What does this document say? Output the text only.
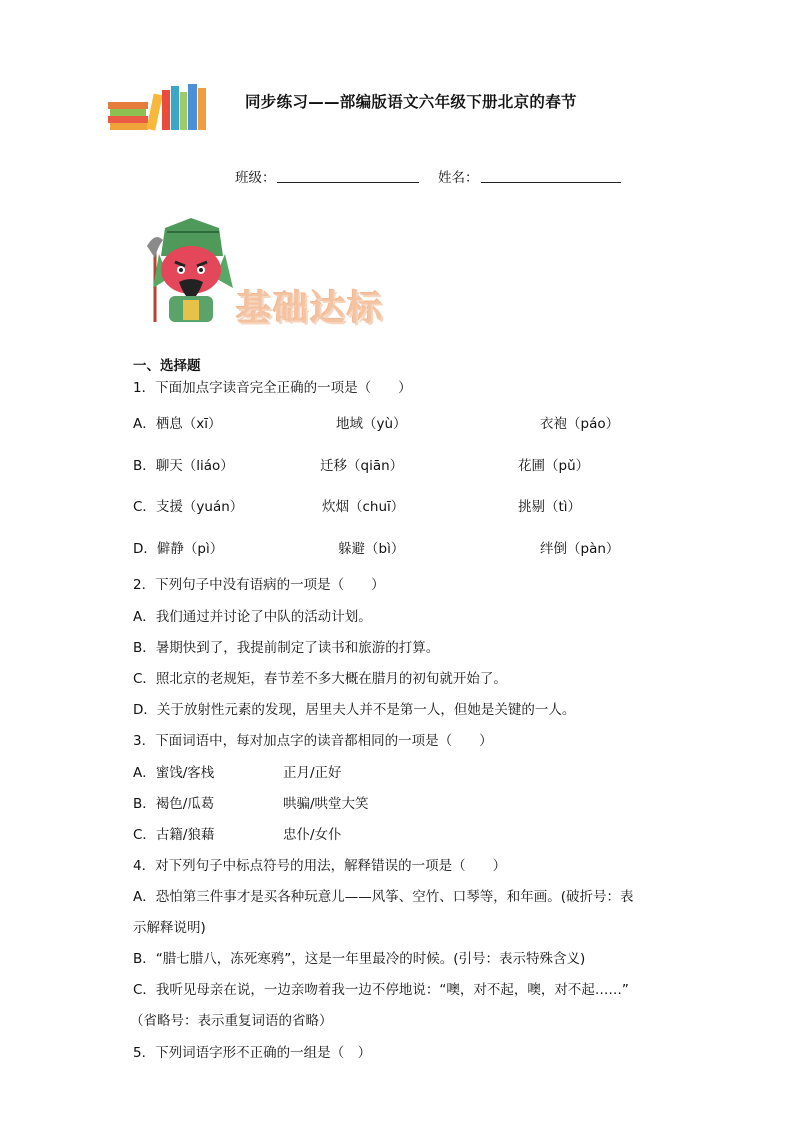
同步练习——部编版语文六年级下册北京的春节
班级：	姓名：
基础达标
一、选择题
1．下面加点字读音完全正确的一项是（　　）
A．栖息（xī）	地域（yù）	衣袍（páo）
B．聊天（liáo）	迁移（qiān）	花圃（pǔ）
C．支援（yuán）	炊烟（chuī）	挑剔（tì）
D．僻静（pì）	躲避（bì）	绊倒（pàn）
2．下列句子中没有语病的一项是（　　）
A．我们通过并讨论了中队的活动计划。
B．暑期快到了，我提前制定了读书和旅游的打算。
C．照北京的老规矩，春节差不多大概在腊月的初旬就开始了。
D．关于放射性元素的发现，居里夫人并不是第一人，但她是关键的一人。
3．下面词语中，每对加点字的读音都相同的一项是（　　）
A．蜜饯/客栈	正月/正好
B．褐色/瓜葛	哄骗/哄堂大笑
C．古籍/狼藉	忠仆/女仆
4．对下列句子中标点符号的用法，解释错误的一项是（　　）
A．恐怕第三件事才是买各种玩意儿——风筝、空竹、口琴等，和年画。(破折号：表
示解释说明)
B．“腊七腊八，冻死寒鸦”，这是一年里最冷的时候。(引号：表示特殊含义)
C．我听见母亲在说，一边亲吻着我一边不停地说：“噢，对不起，噢，对不起……”
（省略号：表示重复词语的省略）
5．下列词语字形不正确的一组是（　）
